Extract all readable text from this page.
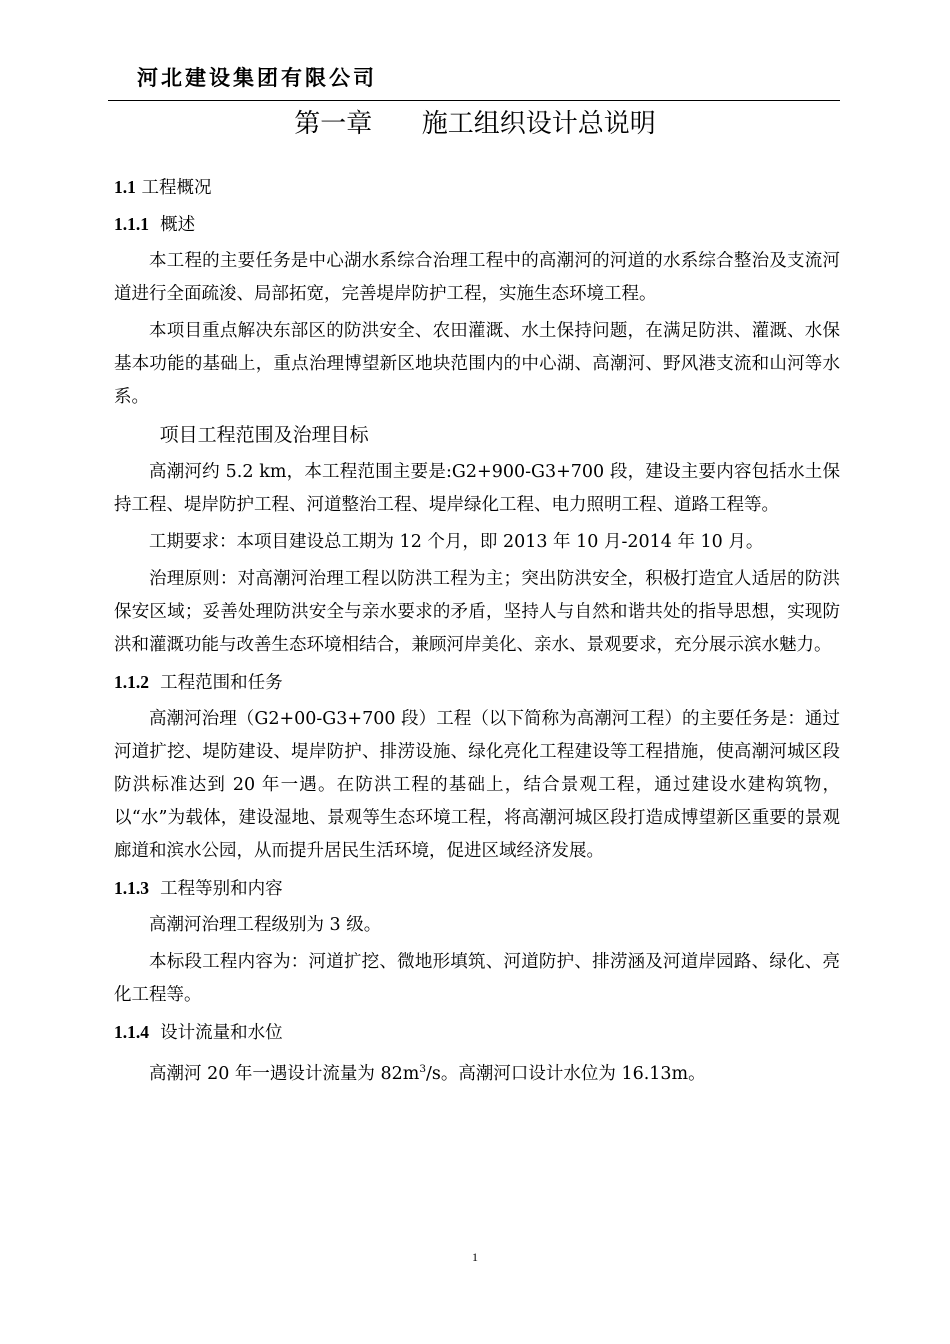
河北建设集团有限公司
第一章      施工组织设计总说明
1.1 工程概况
1.1.1 概述

本工程的主要任务是中心湖水系综合治理工程中的高潮河的河道的水系综合整治及支流河道进行全面疏浚、局部拓宽，完善堤岸防护工程，实施生态环境工程。

本项目重点解决东部区的防洪安全、农田灌溉、水土保持问题，在满足防洪、灌溉、水保基本功能的基础上，重点治理博望新区地块范围内的中心湖、高潮河、野风港支流和山河等水系。

项目工程范围及治理目标

高潮河约 5.2 km，本工程范围主要是:G2+900-G3+700 段，建设主要内容包括水土保持工程、堤岸防护工程、河道整治工程、堤岸绿化工程、电力照明工程、道路工程等。

工期要求：本项目建设总工期为 12 个月，即 2013 年 10 月-2014 年 10 月。

治理原则：对高潮河治理工程以防洪工程为主；突出防洪安全，积极打造宜人适居的防洪保安区域；妥善处理防洪安全与亲水要求的矛盾，坚持人与自然和谐共处的指导思想，实现防洪和灌溉功能与改善生态环境相结合，兼顾河岸美化、亲水、景观要求，充分展示滨水魅力。

1.1.2 工程范围和任务

高潮河治理（G2+00-G3+700 段）工程（以下简称为高潮河工程）的主要任务是：通过河道扩挖、堤防建设、堤岸防护、排涝设施、绿化亮化工程建设等工程措施，使高潮河城区段防洪标准达到 20 年一遇。在防洪工程的基础上，结合景观工程，通过建设水建构筑物，以“水”为载体，建设湿地、景观等生态环境工程，将高潮河城区段打造成博望新区重要的景观廊道和滨水公园，从而提升居民生活环境，促进区域经济发展。

1.1.3 工程等别和内容

高潮河治理工程级别为 3 级。

本标段工程内容为：河道扩挖、微地形填筑、河道防护、排涝涵及河道岸园路、绿化、亮化工程等。

1.1.4 设计流量和水位

高潮河 20 年一遇设计流量为 $82m^3/s$。高潮河口设计水位为 16.13m。

1
